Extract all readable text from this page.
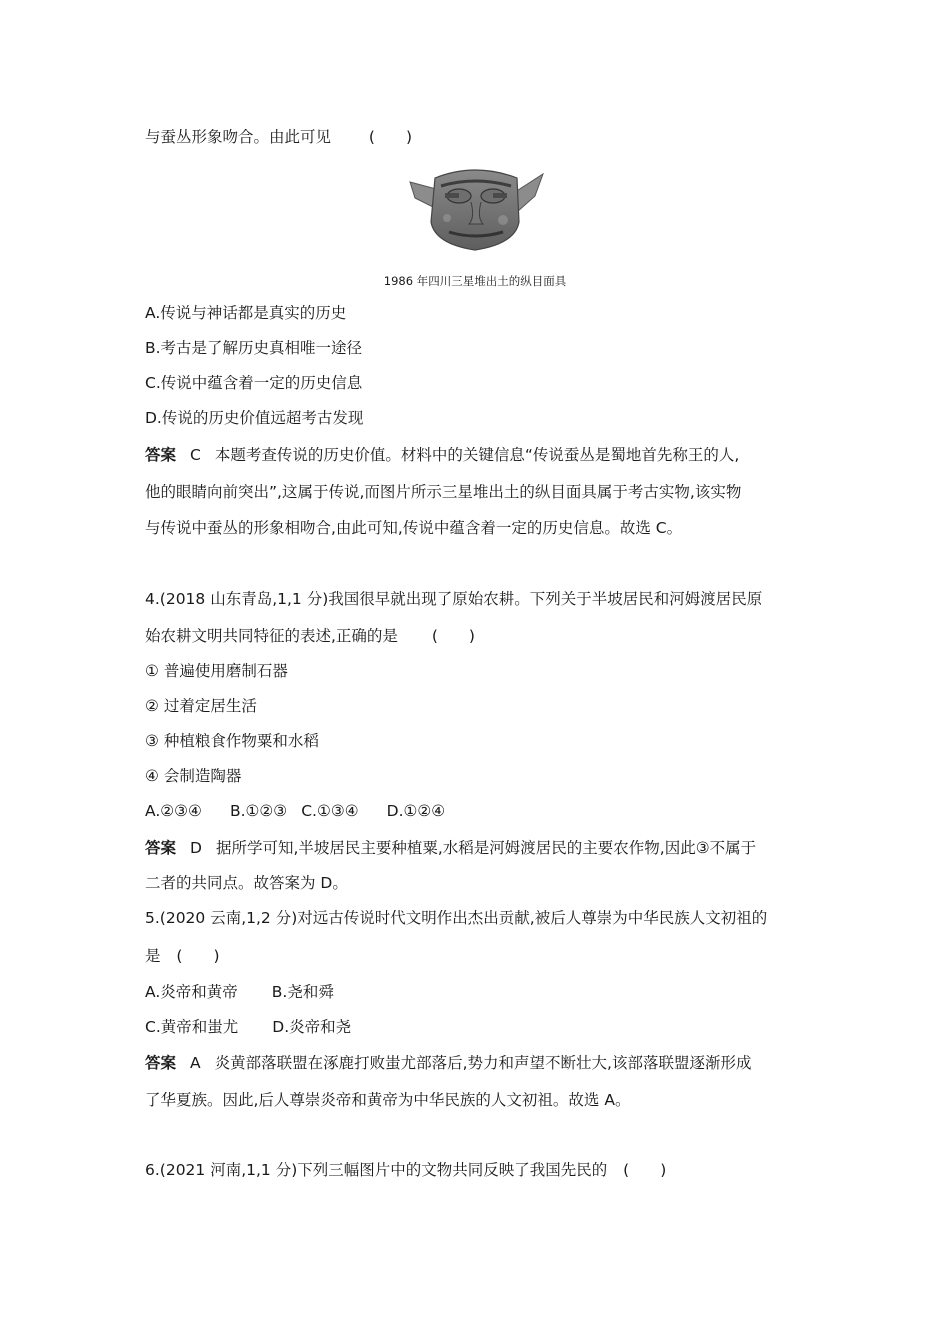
与蚕丛形象吻合。由此可见 (　　)
1986 年四川三星堆出土的纵目面具
A.传说与神话都是真实的历史
B.考古是了解历史真相唯一途径
C.传说中蕴含着一定的历史信息
D.传说的历史价值远超考古发现
答案 C 本题考查传说的历史价值。材料中的关键信息“传说蚕丛是蜀地首先称王的人,
他的眼睛向前突出”,这属于传说,而图片所示三星堆出土的纵目面具属于考古实物,该实物
与传说中蚕丛的形象相吻合,由此可知,传说中蕴含着一定的历史信息。故选 C。
4.(2018 山东青岛,1,1 分)我国很早就出现了原始农耕。下列关于半坡居民和河姆渡居民原
始农耕文明共同特征的表述,正确的是 (　　)
① 普遍使用磨制石器
② 过着定居生活
③ 种植粮食作物粟和水稻
④ 会制造陶器
A.②③④ B.①②③ C.①③④ D.①②④
答案 D 据所学可知,半坡居民主要种植粟,水稻是河姆渡居民的主要农作物,因此③不属于
二者的共同点。故答案为 D。
5.(2020 云南,1,2 分)对远古传说时代文明作出杰出贡献,被后人尊崇为中华民族人文初祖的
是 (　　)
A.炎帝和黄帝 B.尧和舜
C.黄帝和蚩尤 D.炎帝和尧
答案 A 炎黄部落联盟在涿鹿打败蚩尤部落后,势力和声望不断壮大,该部落联盟逐渐形成
了华夏族。因此,后人尊崇炎帝和黄帝为中华民族的人文初祖。故选 A。
6.(2021 河南,1,1 分)下列三幅图片中的文物共同反映了我国先民的 (　　)
